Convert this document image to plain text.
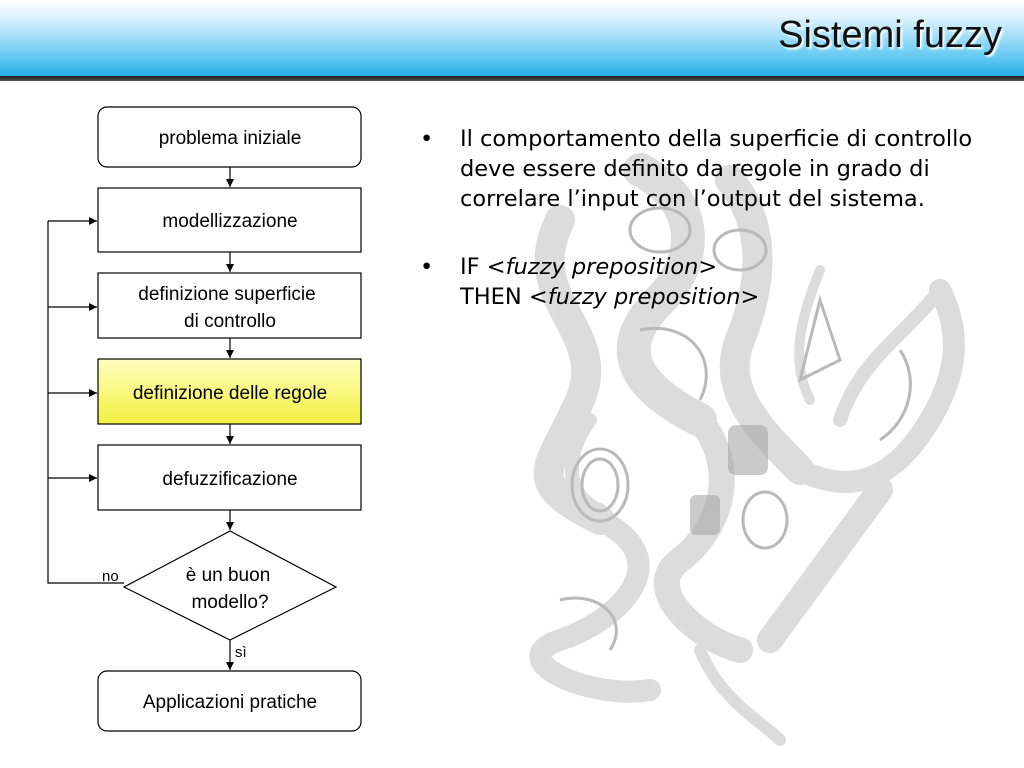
Sistemi fuzzy
problema iniziale
modellizzazione
definizione superficie
di controllo
definizione delle regole
defuzzificazione
è un buon
modello?
Applicazioni pratiche
no
sì
• Il comportamento della superficie di controllo deve essere definito da regole in grado di correlare l’input con l’output del sistema.
• IF <fuzzy preposition>
THEN <fuzzy preposition>
